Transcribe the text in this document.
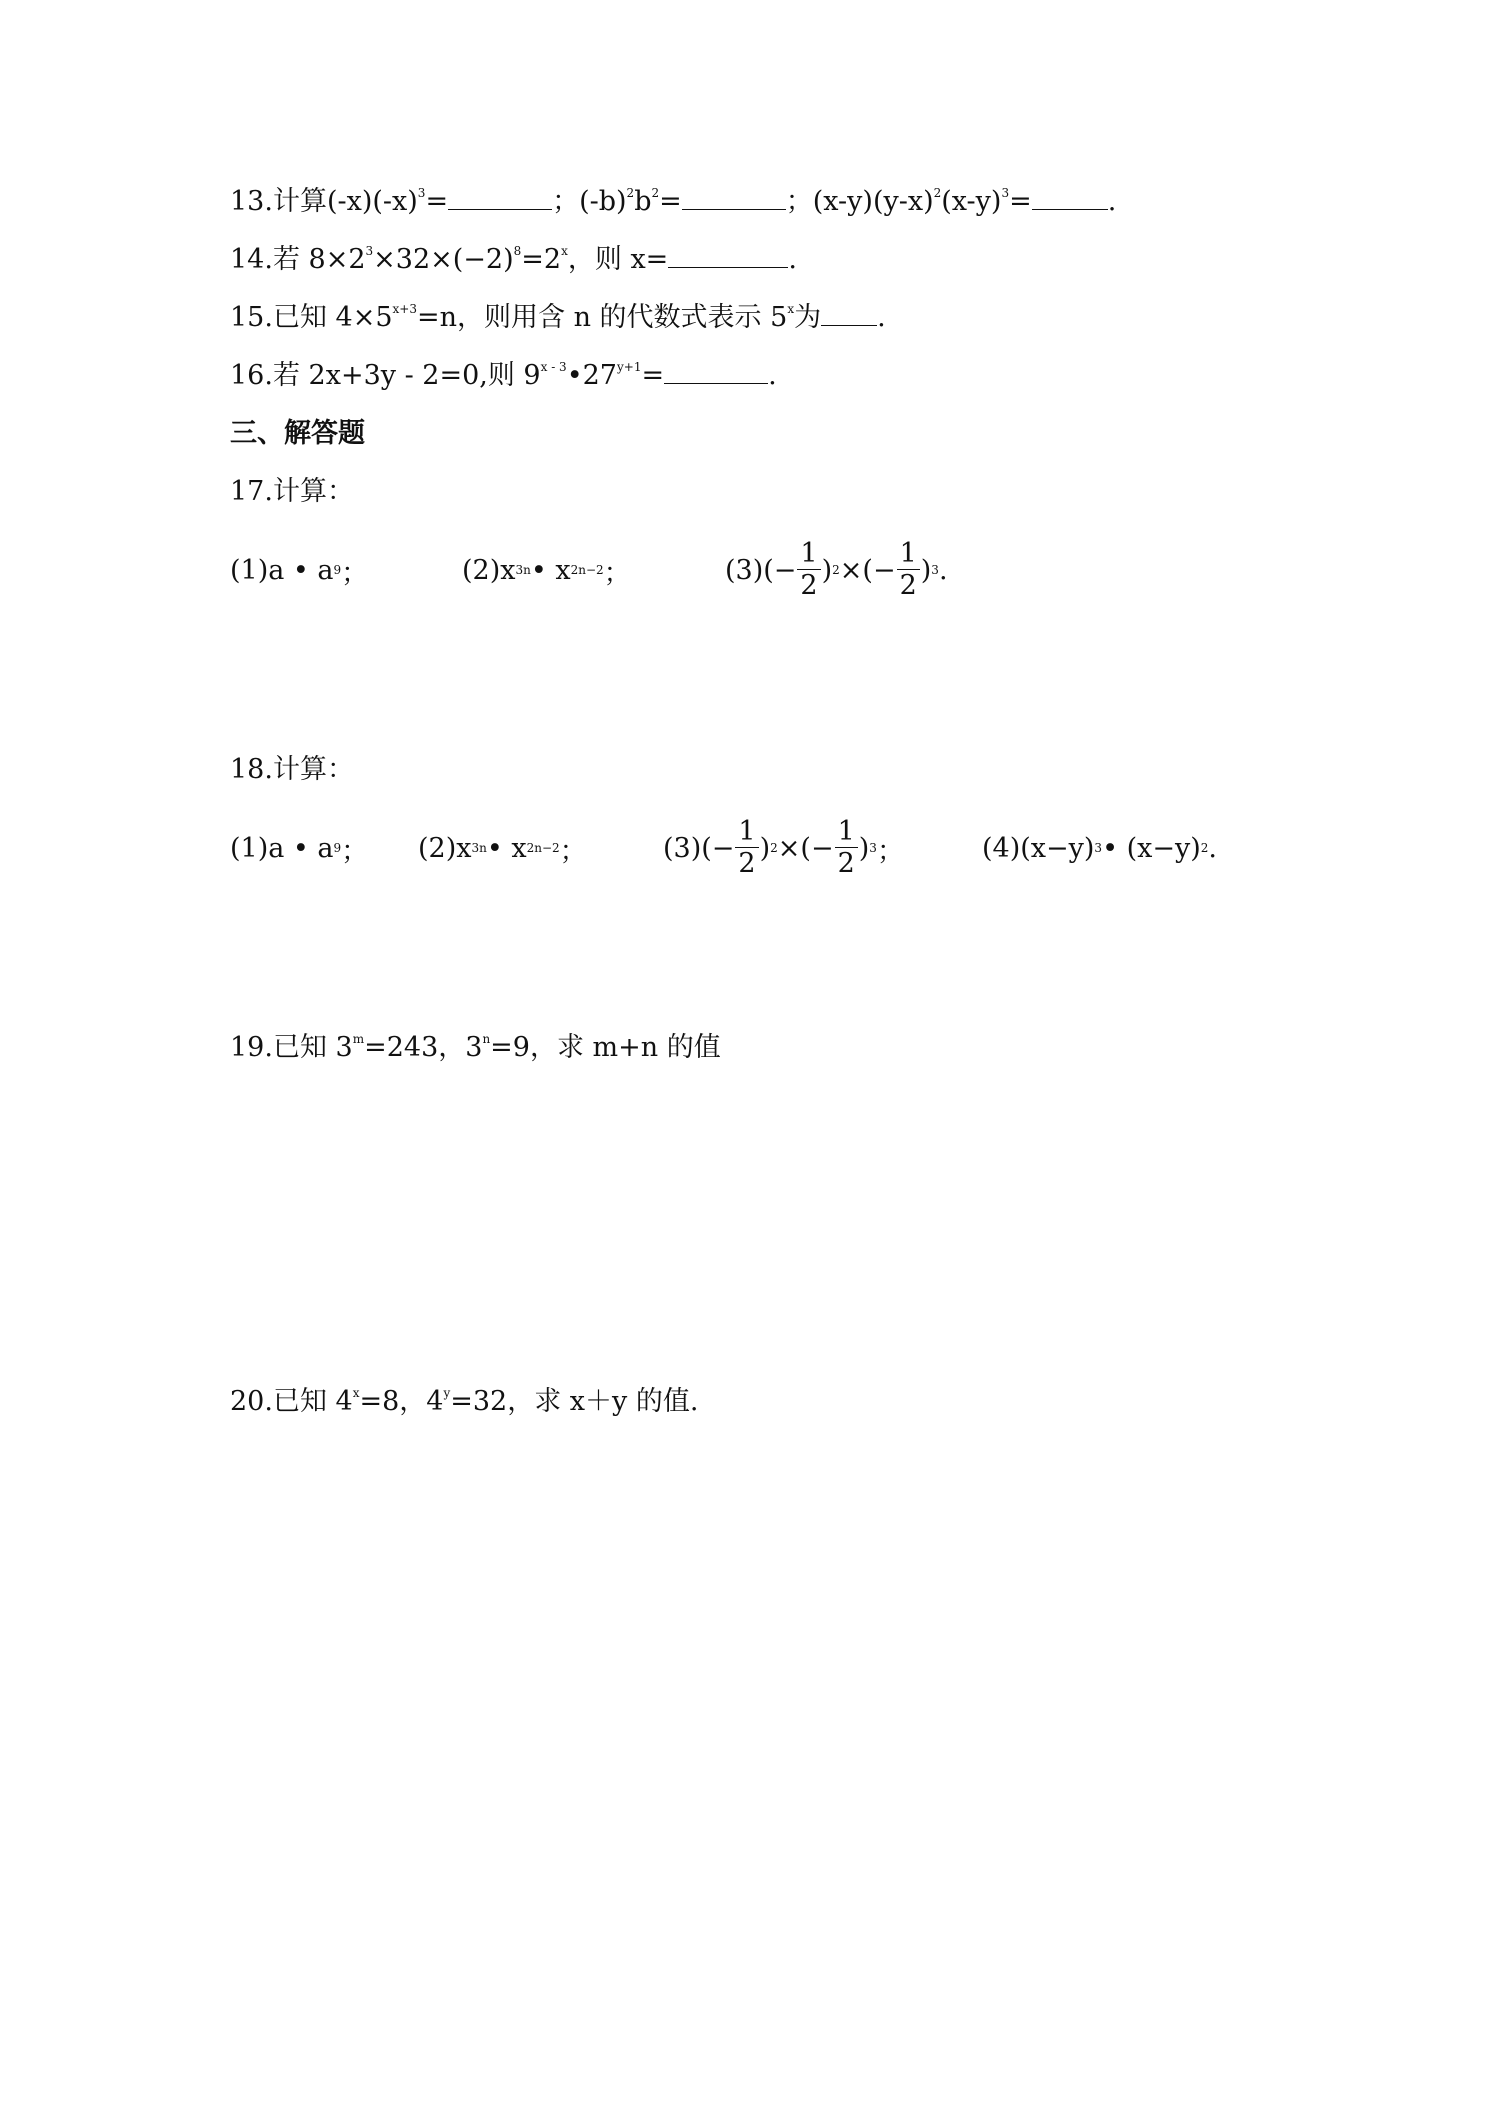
13.计算$(-x)(-x)^3=$	；$(-b)^2b^2=$	；$(x-y)(y-x)^2(x-y)^3=$	.
14.若 $8\times 2^3\times 32\times(-2)^8=2^x$，则 x=	.
15.已知 $4\times 5^{x+3}=n$，则用含 n 的代数式表示 5$^x$为 .
16.若 2x+3y - 2=0,则 $9^{x - 3}•27^{y+1}=$	.
三、解答题
17.计算：
(1)a • a 9 ；	(2)x 3n • x 2n−2 ；	$(3)(- \frac{1}{2}$ ) 2 ×(− $\frac{1}{2}$ ) 3 .
18.计算：
(1)a • a 9 ； (2)x 3n • x 2n−2 ；	$(3)(- \frac{1}{2}$ ) 2 ×(− $\frac{1}{2}$ ) 3 ；	(4)(x−y) 3 • (x−y) 2 .
19.已知 $3^m=243$，$3^n=9$，求 m+n 的值
20.已知 $4^x=8$，$4^y=32$，求 x＋y 的值.
